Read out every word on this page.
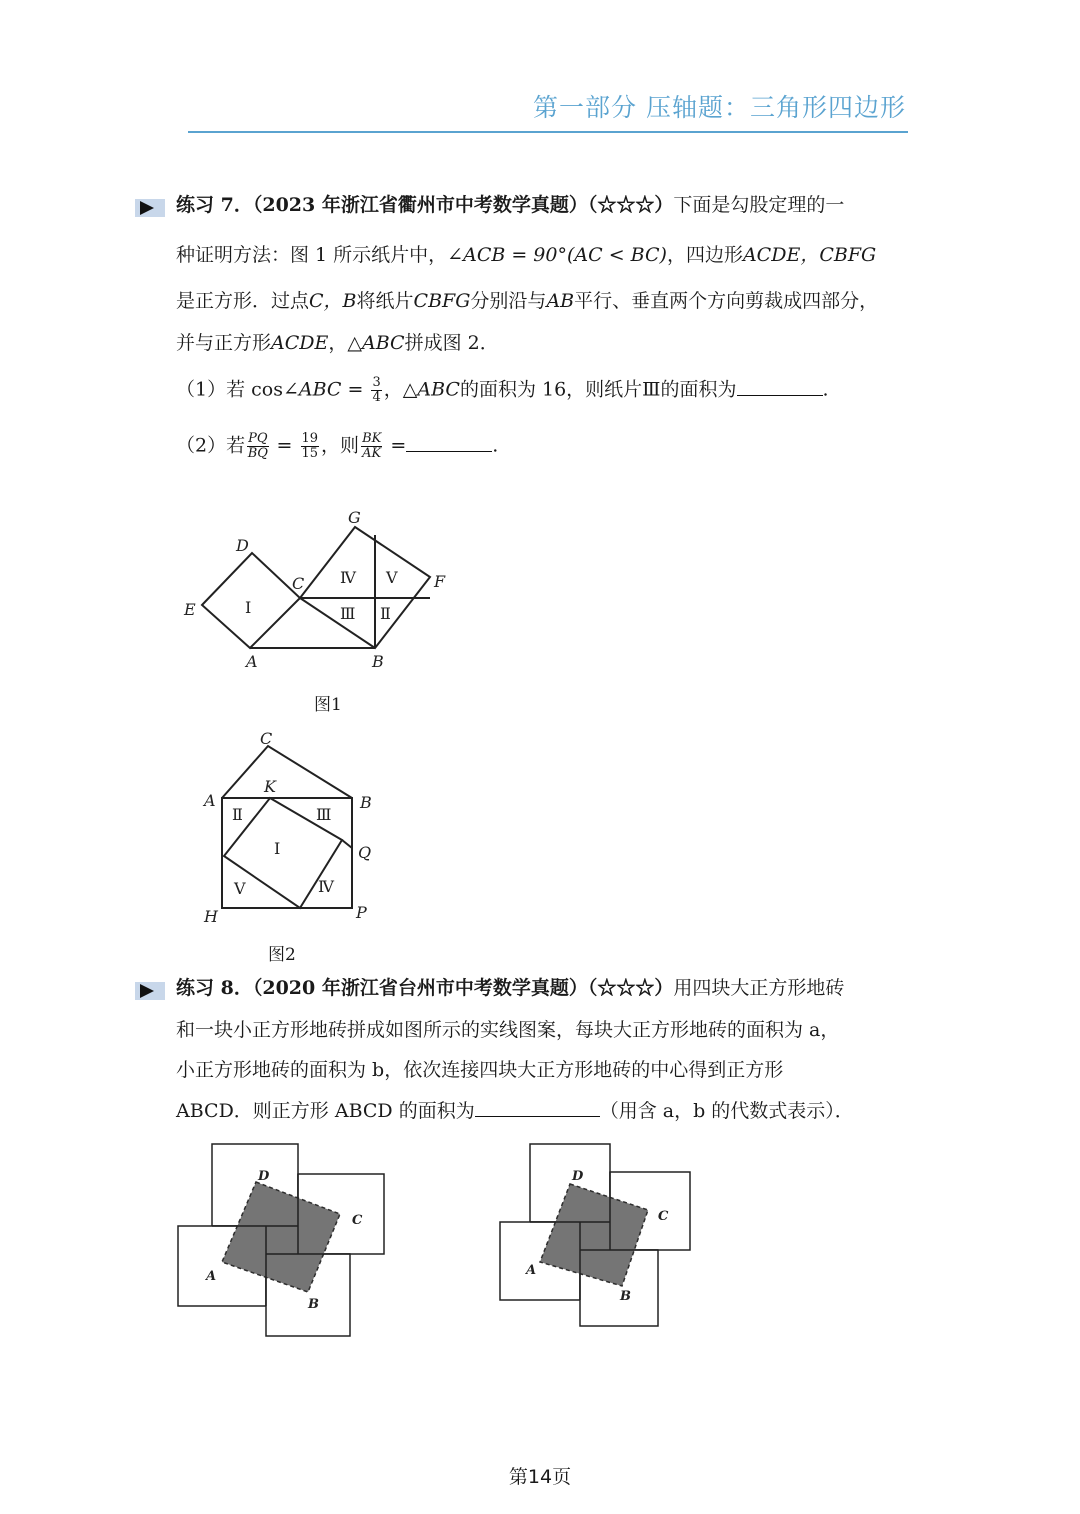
第一部分 压轴题：三角形四边形
练习 7．（2023 年浙江省衢州市中考数学真题）（☆☆☆）下面是勾股定理的一
种证明方法：图 1 所示纸片中，∠ACB = 90°(AC < BC)，四边形ACDE，CBFG
是正方形．过点C，B将纸片CBFG分别沿与AB平行、垂直两个方向剪裁成四部分，
并与正方形ACDE，△ABC拼成图 2．
（1）若 cos∠ABC = $\frac{3}{4}$ ，△ABC的面积为 16，则纸片Ⅲ的面积为	.
（2）若 $\frac{PQ}{BQ} = \frac{19}{15}$ ，则 $\frac{BK}{AK}$ =	.
D
E
A	B
C
G
F
Ⅰ	Ⅱ
Ⅲ
Ⅳ Ⅴ
图1
C
A	B
K
Q
H	P
Ⅰ
Ⅱ	Ⅲ
Ⅳ
Ⅴ
图2
练习 8．（2020 年浙江省台州市中考数学真题）（☆☆☆）用四块大正方形地砖
和一块小正方形地砖拼成如图所示的实线图案，每块大正方形地砖的面积为 a，
小正方形地砖的面积为 b，依次连接四块大正方形地砖的中心得到正方形
ABCD．则正方形 ABCD 的面积为	（用含 a，b 的代数式表示）．
D
C
A
B
D
C
A
B
第14页
